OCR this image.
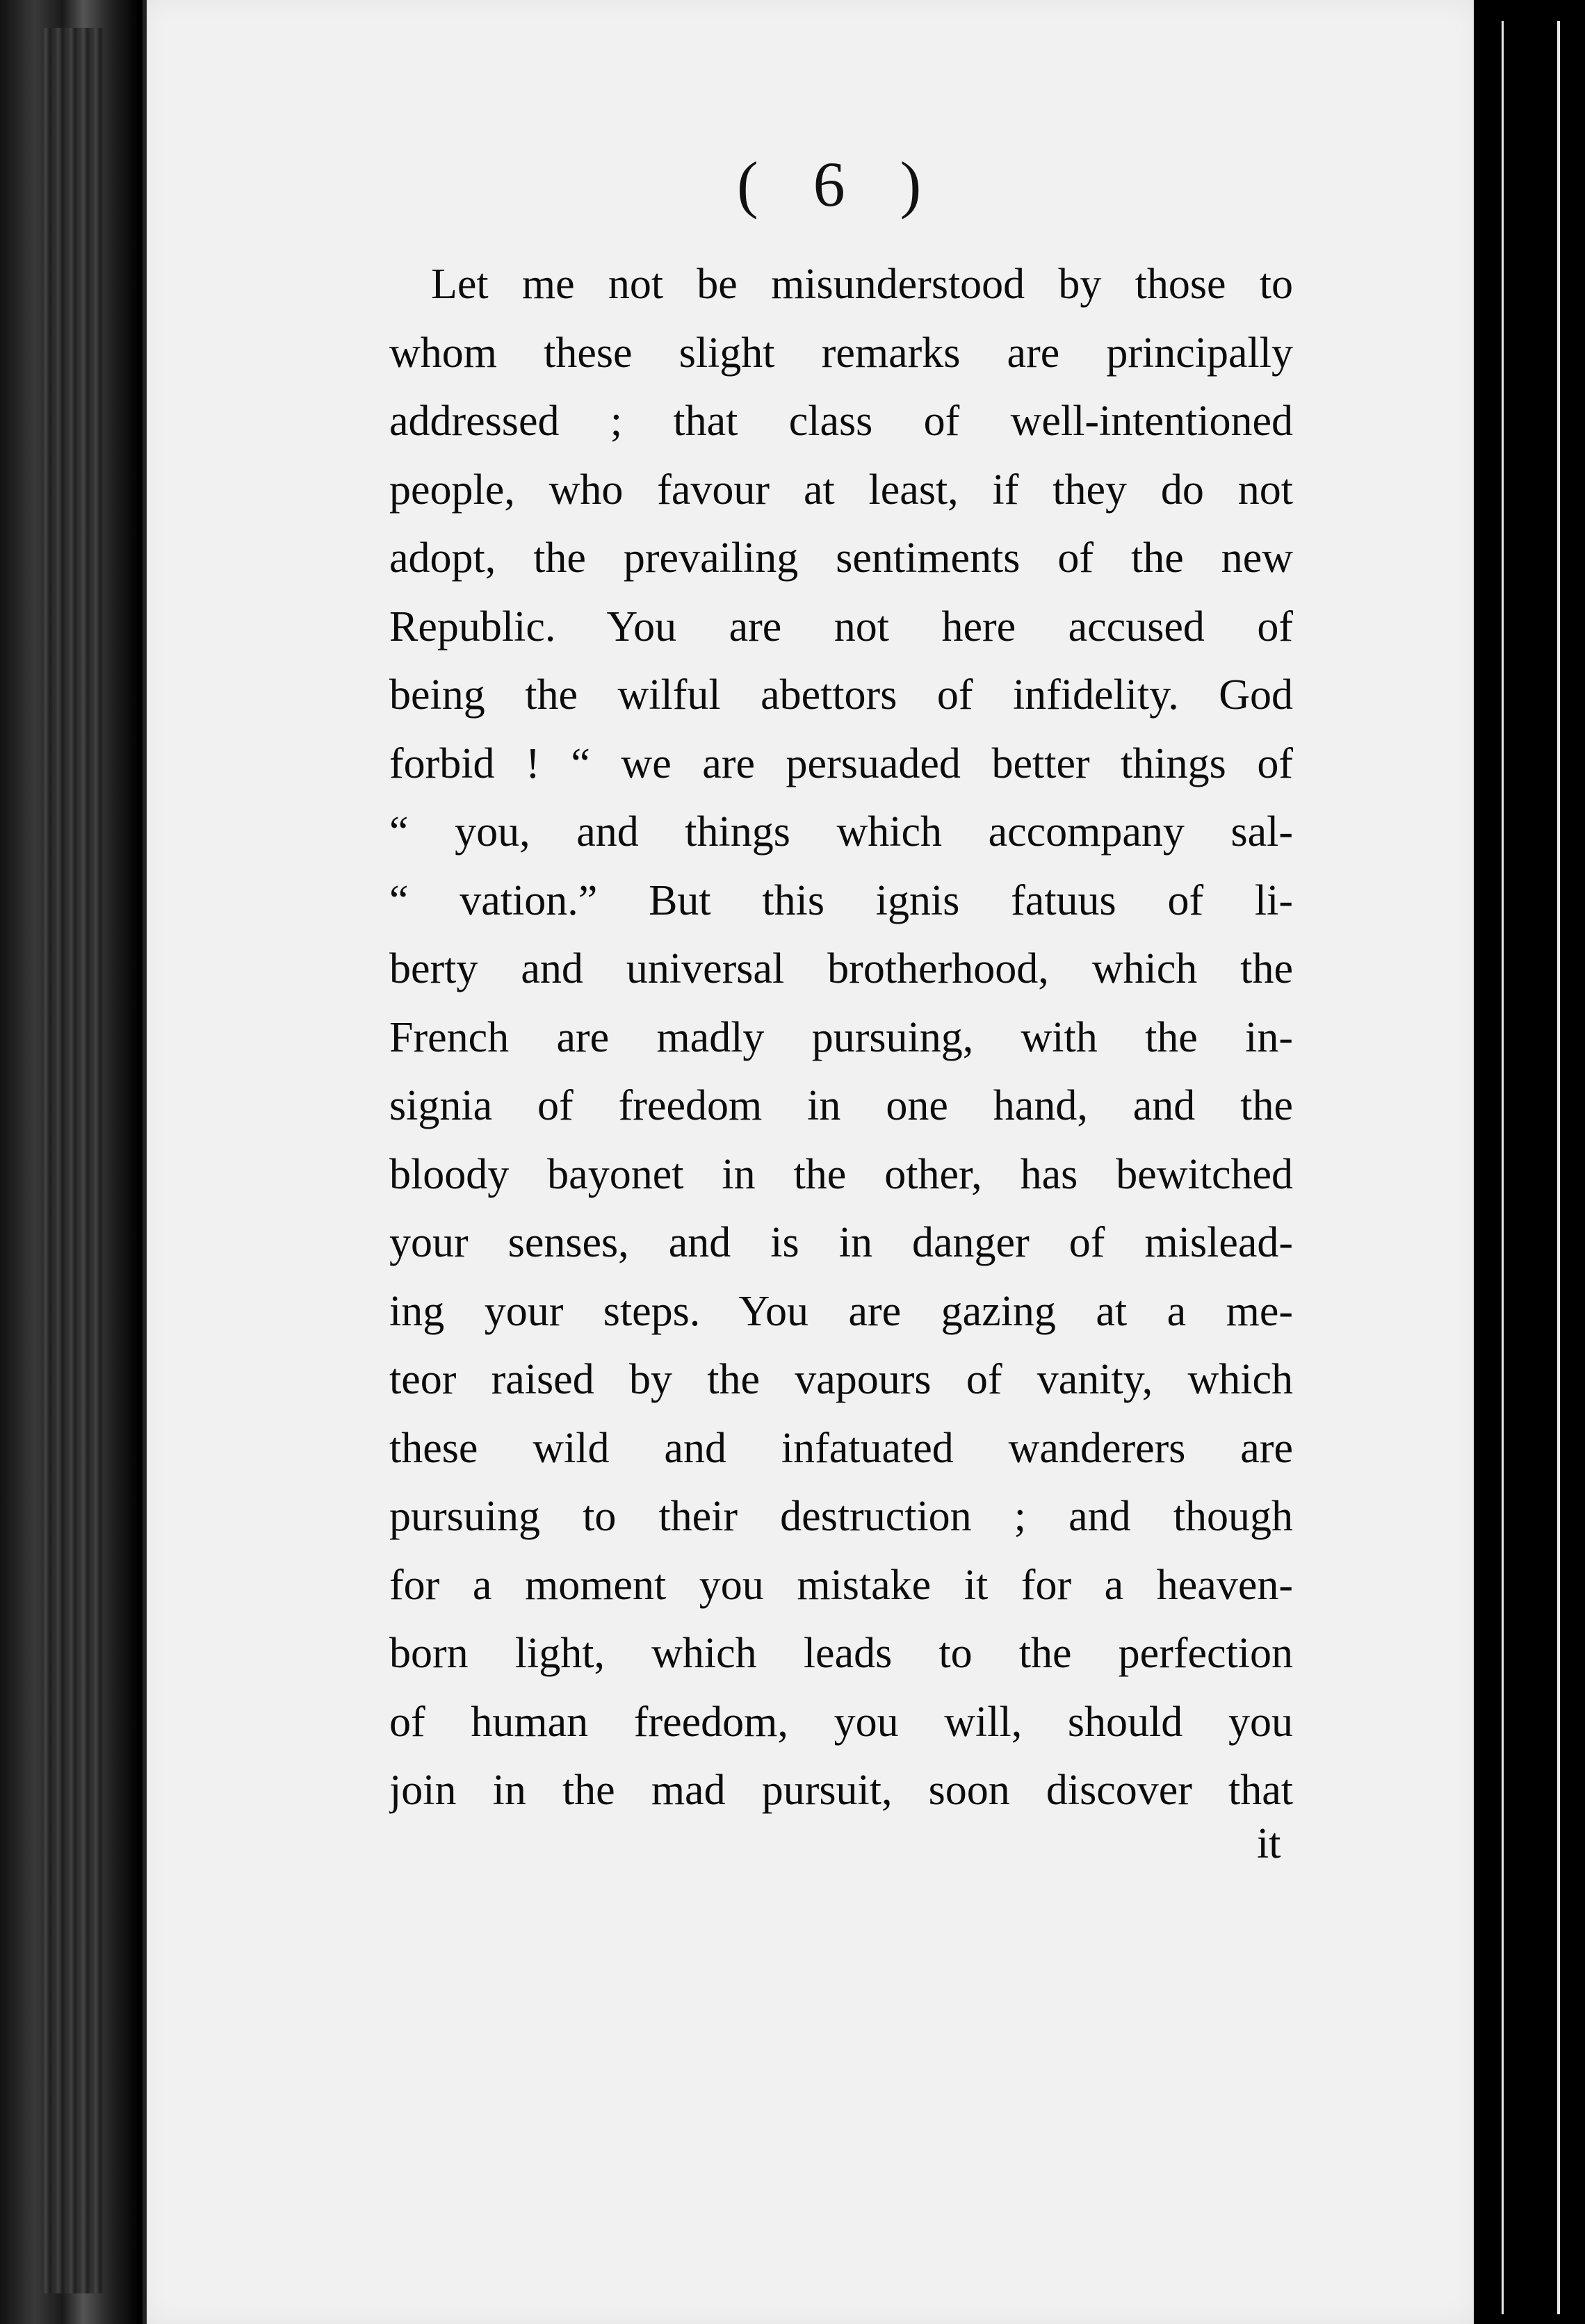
( 6 )
Let me not be misunderstood by those to
whom these slight remarks are principally
addressed ; that class of well-intentioned
people, who favour at least, if they do not
adopt, the prevailing sentiments of the new
Republic. You are not here accused of
being the wilful abettors of infidelity. God
forbid ! “ we are persuaded better things of
“ you, and things which accompany sal-
“ vation.” But this ignis fatuus of li-
berty and universal brotherhood, which the
French are madly pursuing, with the in-
signia of freedom in one hand, and the
bloody bayonet in the other, has bewitched
your senses, and is in danger of mislead-
ing your steps. You are gazing at a me-
teor raised by the vapours of vanity, which
these wild and infatuated wanderers are
pursuing to their destruction ; and though
for a moment you mistake it for a heaven-
born light, which leads to the perfection
of human freedom, you will, should you
join in the mad pursuit, soon discover that
it
